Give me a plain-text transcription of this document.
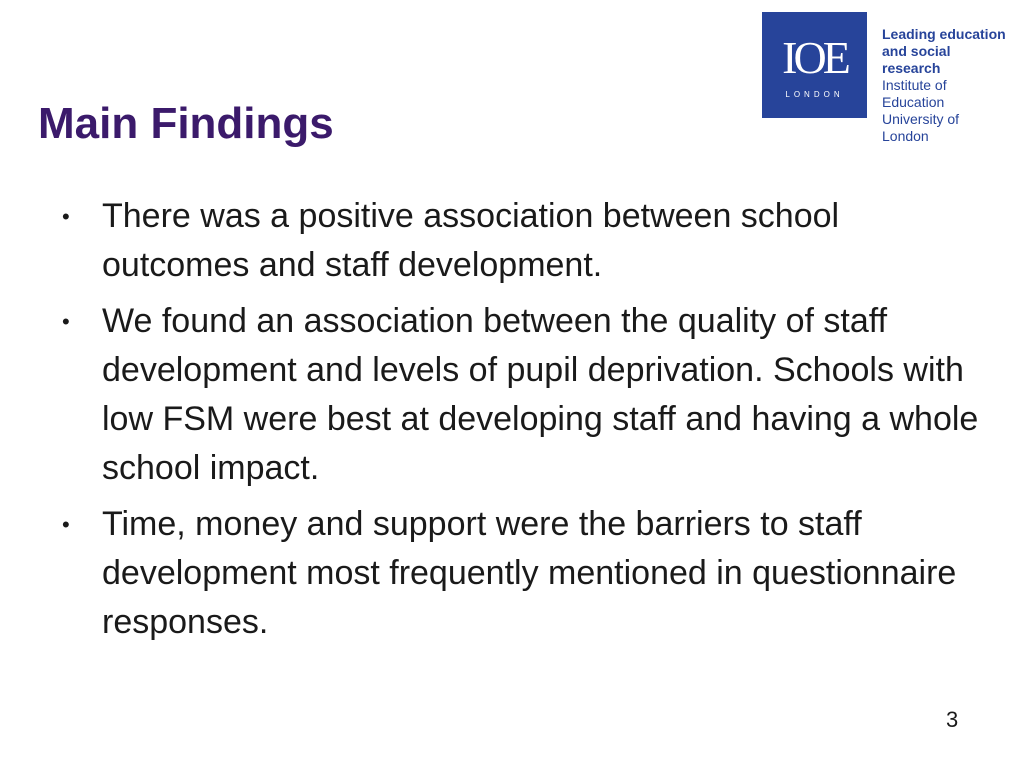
IOE
LONDON
Leading education
and social research
Institute of Education
University of London
Main Findings
• There was a positive association between school outcomes and staff development.
• We found an association between the quality of staff development and levels of pupil deprivation. Schools with low FSM were best at developing staff and having a whole school impact.
• Time, money and support were the barriers to staff development most frequently mentioned in questionnaire responses.
3
